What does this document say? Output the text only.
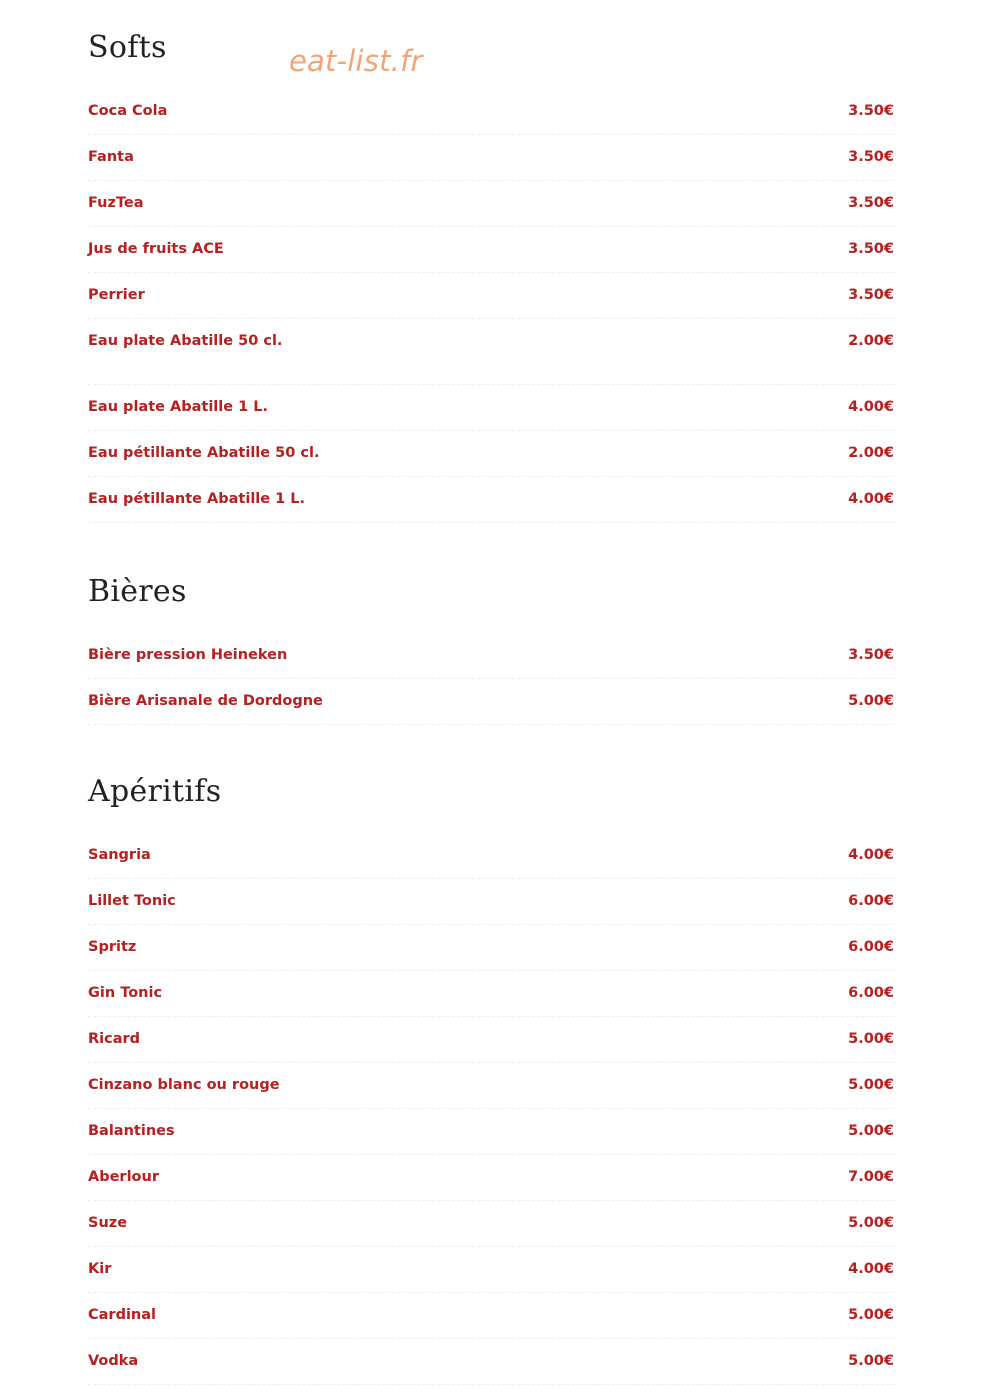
Softs
Coca Cola	3.50€
Fanta	3.50€
FuzTea	3.50€
Jus de fruits ACE	3.50€
Perrier	3.50€
Eau plate Abatille 50 cl.	2.00€
Eau plate Abatille 1 L.	4.00€
Eau pétillante Abatille 50 cl.	2.00€
Eau pétillante Abatille 1 L.	4.00€
Bières
Bière pression Heineken	3.50€
Bière Arisanale de Dordogne	5.00€
Apéritifs
Sangria	4.00€
Lillet Tonic	6.00€
Spritz	6.00€
Gin Tonic	6.00€
Ricard	5.00€
Cinzano blanc ou rouge	5.00€
Balantines	5.00€
Aberlour	7.00€
Suze	5.00€
Kir	4.00€
Cardinal	5.00€
Vodka	5.00€
eat-list.fr
